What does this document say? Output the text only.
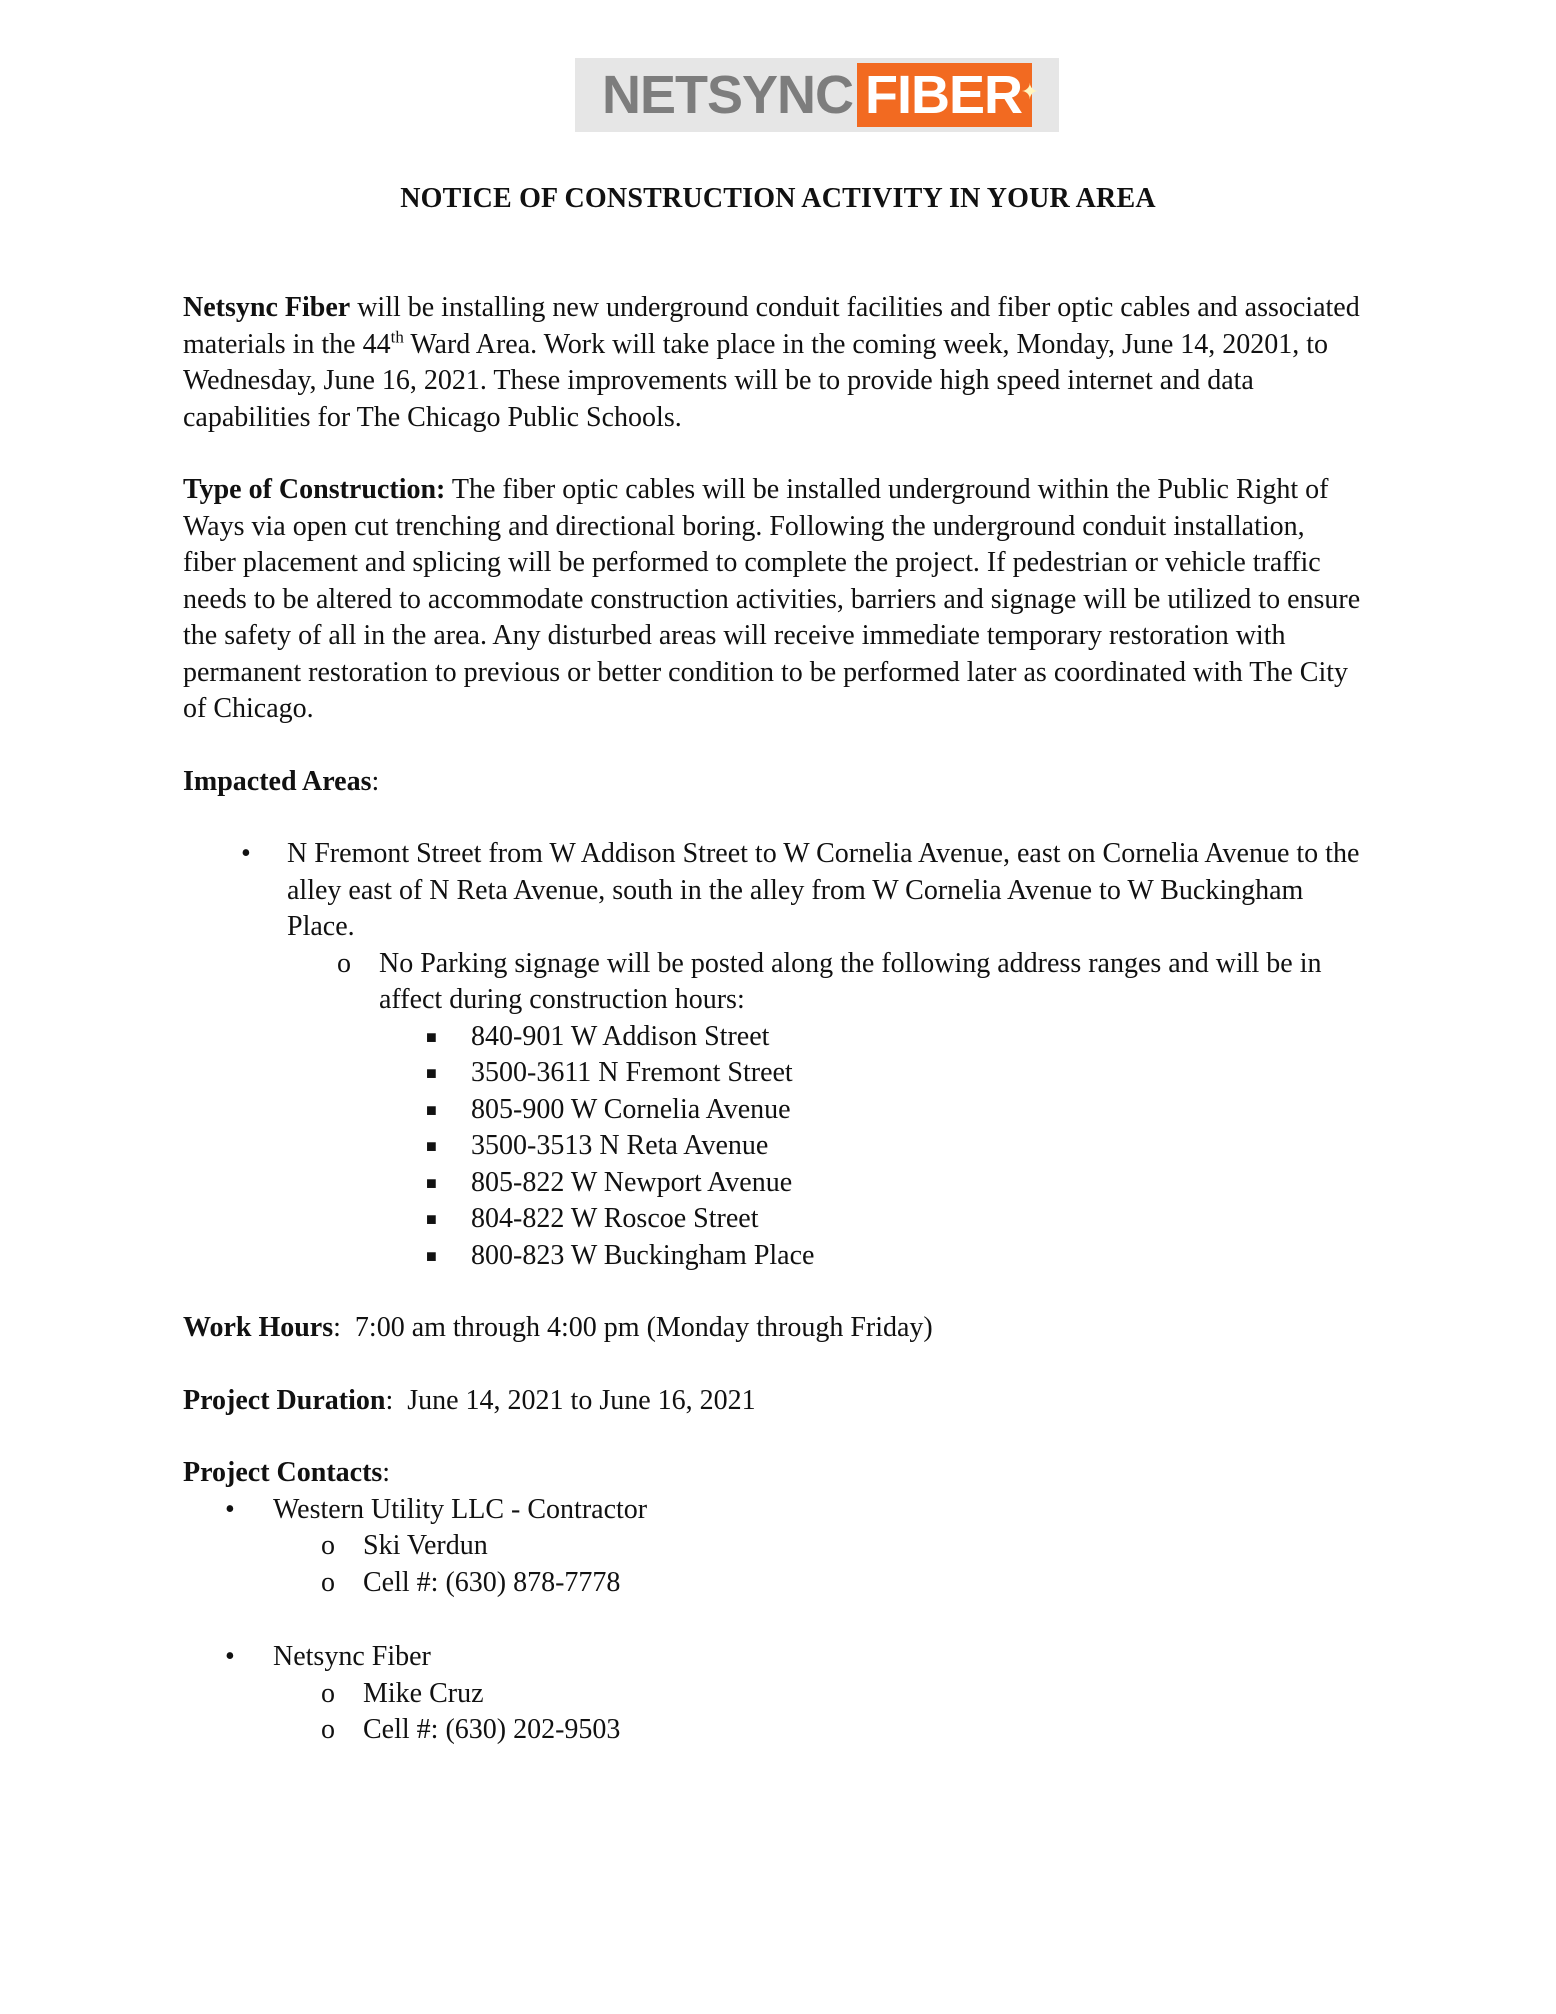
NETSYNC FIBER
✦
NOTICE OF CONSTRUCTION ACTIVITY IN YOUR AREA

Netsync Fiber will be installing new underground conduit facilities and fiber optic cables and associated materials in the 44th Ward Area. Work will take place in the coming week, Monday, June 14, 20201, to Wednesday, June 16, 2021. These improvements will be to provide high speed internet and data capabilities for The Chicago Public Schools.

Type of Construction: The fiber optic cables will be installed underground within the Public Right of Ways via open cut trenching and directional boring. Following the underground conduit installation, fiber placement and splicing will be performed to complete the project. If pedestrian or vehicle traffic needs to be altered to accommodate construction activities, barriers and signage will be utilized to ensure the safety of all in the area. Any disturbed areas will receive immediate temporary restoration with permanent restoration to previous or better condition to be performed later as coordinated with The City of Chicago.

Impacted Areas:

• N Fremont Street from W Addison Street to W Cornelia Avenue, east on Cornelia Avenue to the alley east of N Reta Avenue, south in the alley from W Cornelia Avenue to W Buckingham Place.
o No Parking signage will be posted along the following address ranges and will be in affect during construction hours:
■ 840-901 W Addison Street
■ 3500-3611 N Fremont Street
■ 805-900 W Cornelia Avenue
■ 3500-3513 N Reta Avenue
■ 805-822 W Newport Avenue
■ 804-822 W Roscoe Street
■ 800-823 W Buckingham Place

Work Hours:  7:00 am through 4:00 pm (Monday through Friday)

Project Duration:  June 14, 2021 to June 16, 2021

Project Contacts:

• Western Utility LLC - Contractor
o Ski Verdun
o Cell #: (630) 878-7778
• Netsync Fiber
o Mike Cruz
o Cell #: (630) 202-9503
